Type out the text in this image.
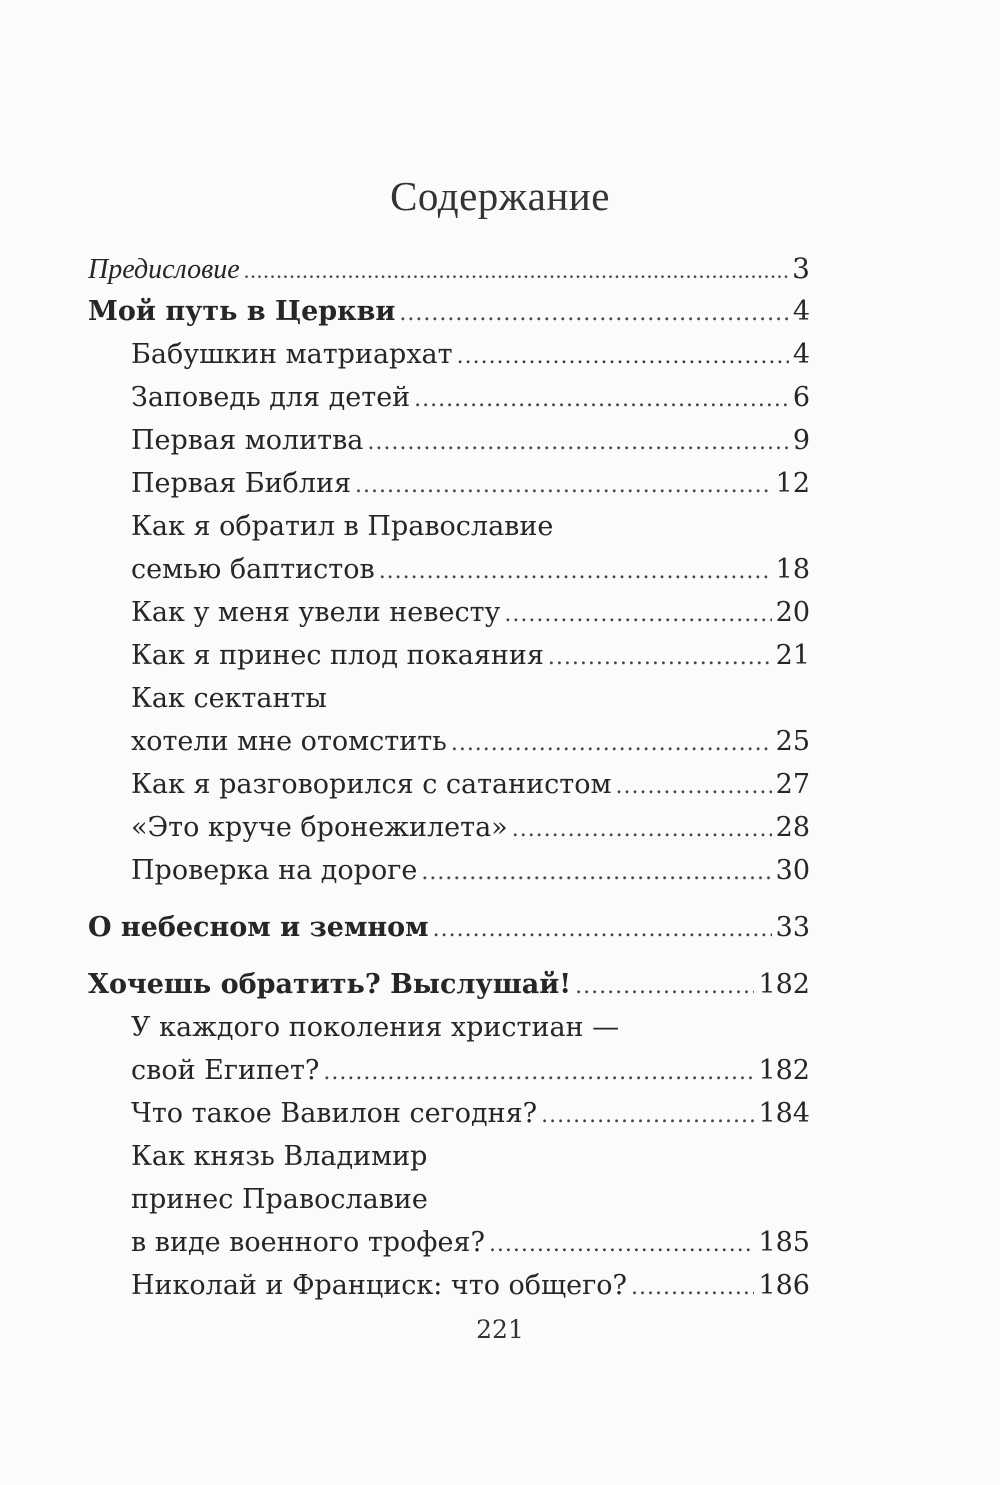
Содержание
Предисловие .....	3
Мой путь в Церкви .....	4
Бабушкин матриархат .....	4
Заповедь для детей .....	6
Первая молитва .....	9
Первая Библия .....	12
Как я обратил в Православие
семью баптистов .....	18
Как у меня увели невесту .....	20
Как я принес плод покаяния .....	21
Как сектанты
хотели мне отомстить .....	25
Как я разговорился с сатанистом .....	27
«Это круче бронежилета» .....	28
Проверка на дороге .....	30
О небесном и земном .....	33
Хочешь обратить? Выслушай! .....	182
У каждого поколения христиан —
свой Египет? .....	182
Что такое Вавилон сегодня? .....	184
Как князь Владимир
принес Православие
в виде военного трофея? .....	185
Николай и Франциск: что общего? .....	186
221
